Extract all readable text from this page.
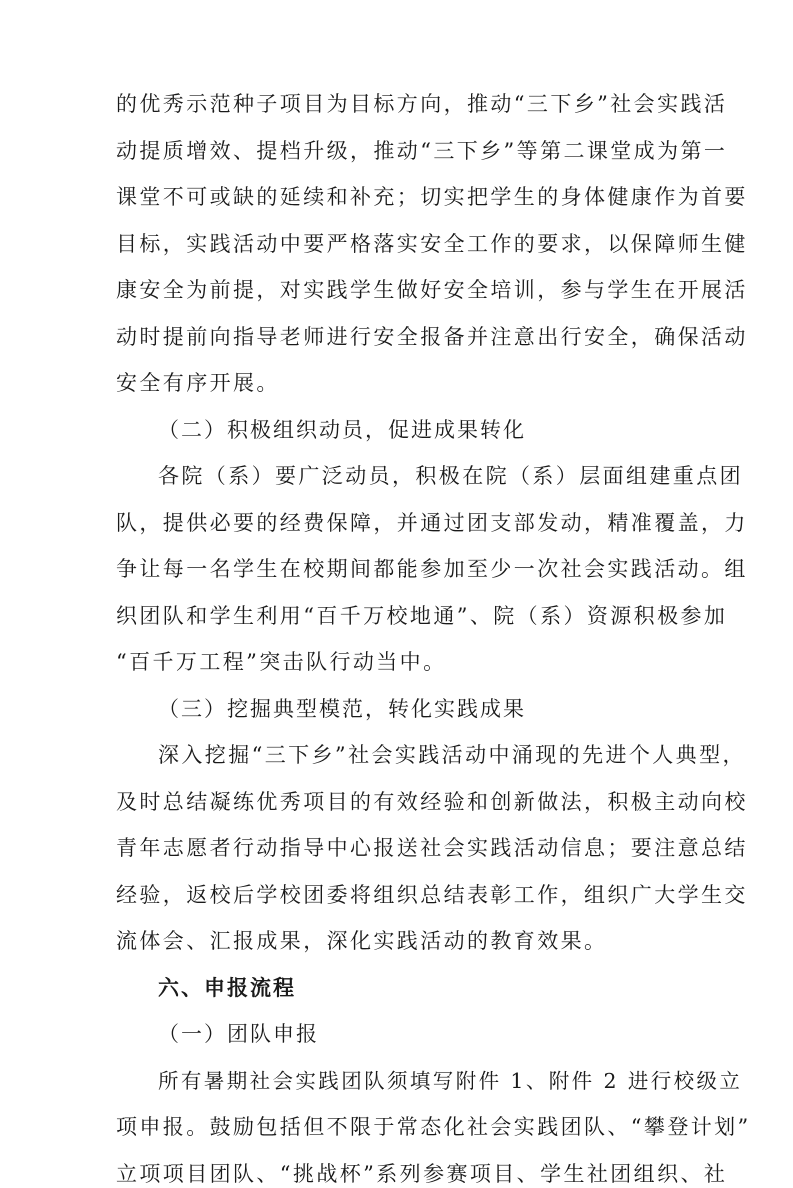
的优秀示范种子项目为目标方向，推动“三下乡”社会实践活
动提质增效、提档升级，推动“三下乡”等第二课堂成为第一
课堂不可或缺的延续和补充；切实把学生的身体健康作为首要
目标，实践活动中要严格落实安全工作的要求，以保障师生健
康安全为前提，对实践学生做好安全培训，参与学生在开展活
动时提前向指导老师进行安全报备并注意出行安全，确保活动
安全有序开展。
（二）积极组织动员，促进成果转化
各院（系）要广泛动员，积极在院（系）层面组建重点团
队，提供必要的经费保障，并通过团支部发动，精准覆盖，力
争让每一名学生在校期间都能参加至少一次社会实践活动。组
织团队和学生利用“百千万校地通”、院（系）资源积极参加
“百千万工程”突击队行动当中。
（三）挖掘典型模范，转化实践成果
深入挖掘“三下乡”社会实践活动中涌现的先进个人典型，
及时总结凝练优秀项目的有效经验和创新做法，积极主动向校
青年志愿者行动指导中心报送社会实践活动信息；要注意总结
经验，返校后学校团委将组织总结表彰工作，组织广大学生交
流体会、汇报成果，深化实践活动的教育效果。
六、申报流程
（一）团队申报
所有暑期社会实践团队须填写附件 1、附件 2 进行校级立
项申报。鼓励包括但不限于常态化社会实践团队、“攀登计划”
立项项目团队、“挑战杯”系列参赛项目、学生社团组织、社
